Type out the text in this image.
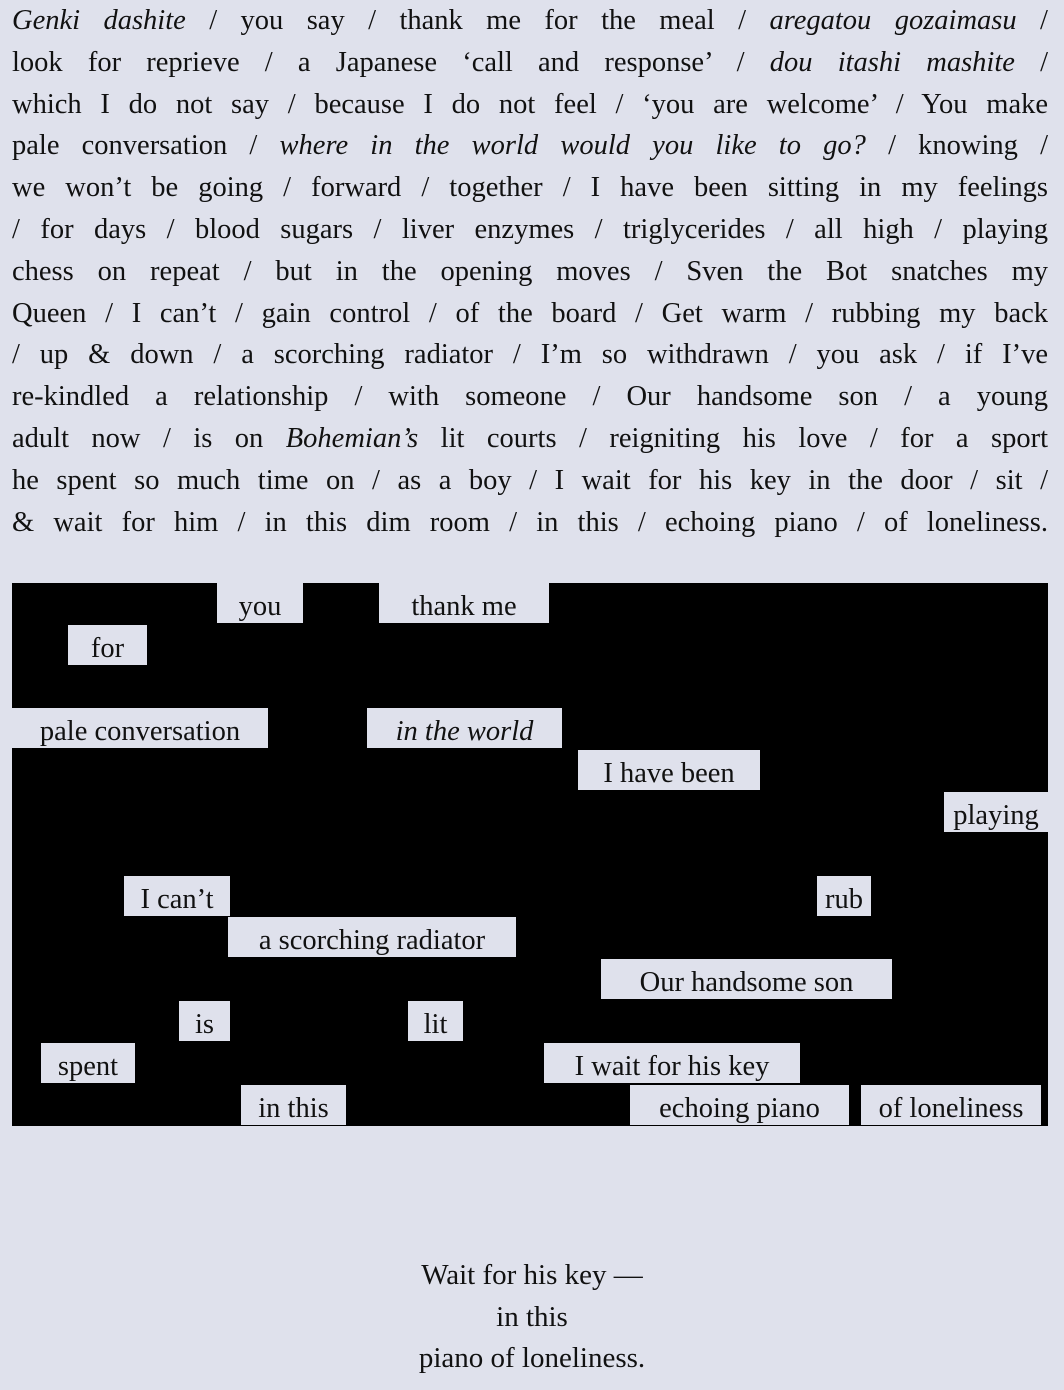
Genki dashite / you say / thank me for the meal / aregatou gozaimasu /
look for reprieve / a Japanese ‘call and response’ / dou itashi mashite /
which I do not say / because I do not feel / ‘you are welcome’ / You make
pale conversation / where in the world would you like to go? / knowing /
we won’t be going / forward / together / I have been sitting in my feelings
/ for days / blood sugars / liver enzymes / triglycerides / all high / playing
chess on repeat / but in the opening moves / Sven the Bot snatches my
Queen / I can’t / gain control / of the board / Get warm / rubbing my back
/ up & down / a scorching radiator / I’m so withdrawn / you ask / if I’ve
re-kindled a relationship / with someone / Our handsome son / a young
adult now / is on Bohemian’s lit courts / reigniting his love / for a sport
he spent so much time on / as a boy / I wait for his key in the door / sit /
& wait for him / in this dim room / in this / echoing piano / of loneliness.
you	thank me
for
pale conversation	in the world
I have been
playing
I can’t	rub
a scorching radiator
Our handsome son
is	lit
spent	I wait for his key
in this	echoing piano	of loneliness
Wait for his key —
in this
piano of loneliness.
